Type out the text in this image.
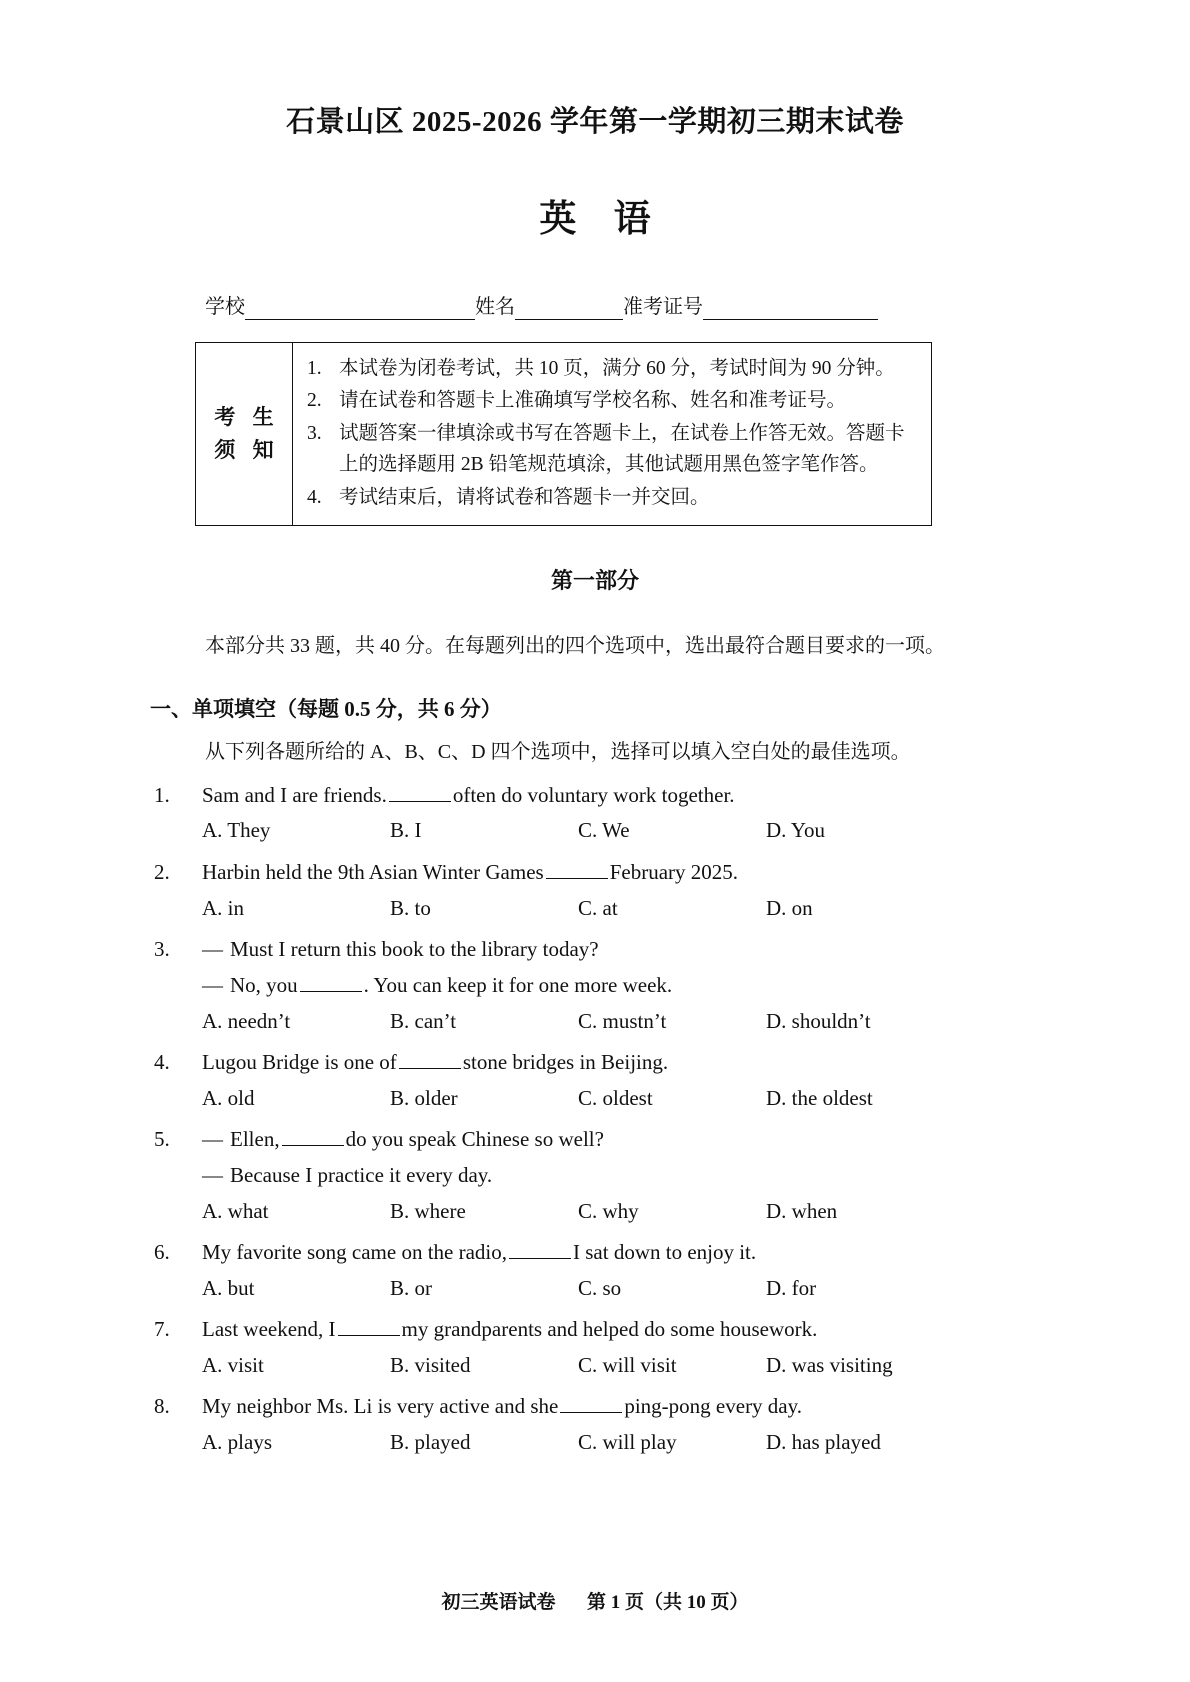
石景山区 2025-2026 学年第一学期初三期末试卷
英 语
学校	姓名	准考证号
考 生
须 知
1. 本试卷为闭卷考试，共 10 页，满分 60 分，考试时间为 90 分钟。
2. 请在试卷和答题卡上准确填写学校名称、姓名和准考证号。
3. 试题答案一律填涂或书写在答题卡上，在试卷上作答无效。答题卡上的选择题用 2B 铅笔规范填涂，其他试题用黑色签字笔作答。
4. 考试结束后，请将试卷和答题卡一并交回。
第一部分
本部分共 33 题，共 40 分。在每题列出的四个选项中，选出最符合题目要求的一项。
一、单项填空（每题 0.5 分，共 6 分）
从下列各题所给的 A、B、C、D 四个选项中，选择可以填入空白处的最佳选项。
1.	Sam and I are friends.	often do voluntary work together.
A. They	B. I	C. We	D. You
2.	Harbin held the 9th Asian Winter Games	February 2025.
A. in	B. to	C. at	D. on
3.	— Must I return this book to the library today?
— No, you	. You can keep it for one more week.
A. needn’t	B. can’t	C. mustn’t	D. shouldn’t
4.	Lugou Bridge is one of	stone bridges in Beijing.
A. old	B. older	C. oldest	D. the oldest
5.	— Ellen,	do you speak Chinese so well?
— Because I practice it every day.
A. what	B. where	C. why	D. when
6.	My favorite song came on the radio,	I sat down to enjoy it.
A. but	B. or	C. so	D. for
7.	Last weekend, I	my grandparents and helped do some housework.
A. visit	B. visited	C. will visit	D. was visiting
8.	My neighbor Ms. Li is very active and she	ping-pong every day.
A. plays	B. played	C. will play	D. has played
初三英语试卷 第 1 页（共 10 页）
